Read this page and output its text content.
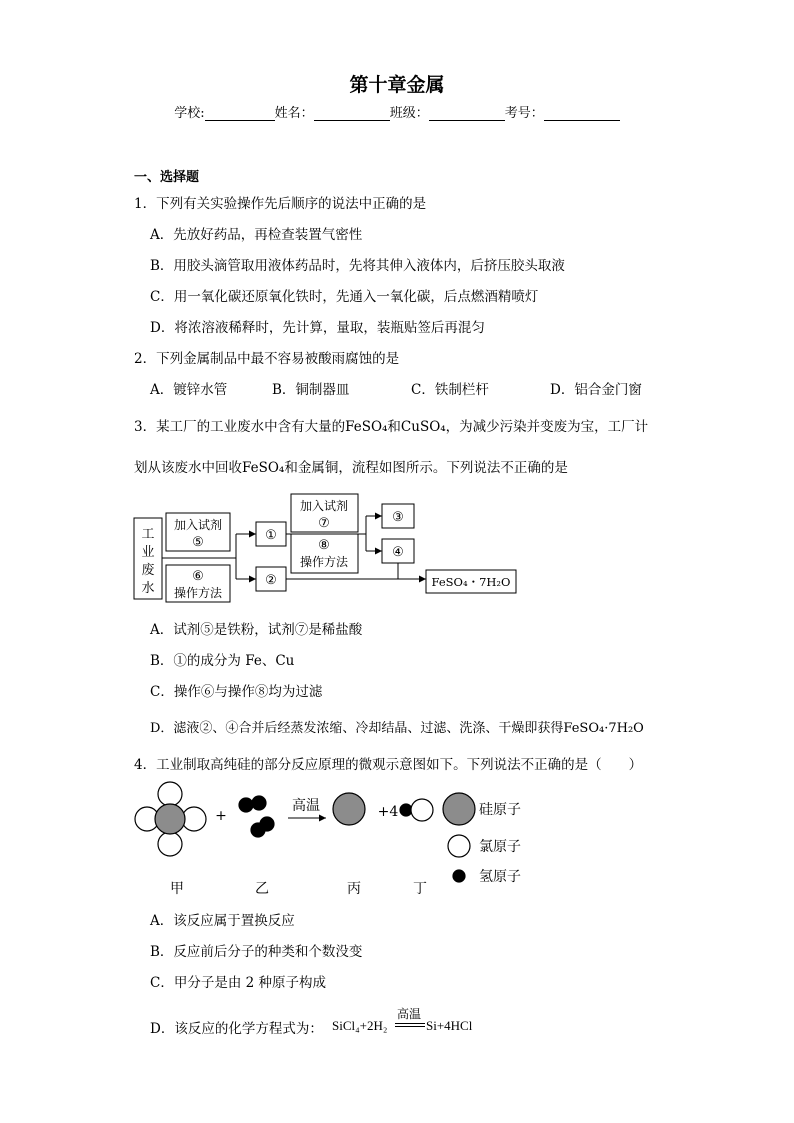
第十章金属
学校:	姓名：	班级：	考号：
一、选择题
1．下列有关实验操作先后顺序的说法中正确的是
A．先放好药品，再检查装置气密性
B．用胶头滴管取用液体药品时，先将其伸入液体内，后挤压胶头取液
C．用一氧化碳还原氧化铁时，先通入一氧化碳，后点燃酒精喷灯
D．将浓溶液稀释时，先计算，量取，装瓶贴签后再混匀
2．下列金属制品中最不容易被酸雨腐蚀的是
A．镀锌水管	B．铜制器皿	C．铁制栏杆	D．铝合金门窗
3．某工厂的工业废水中含有大量的FeSO₄和CuSO₄，为减少污染并变废为宝，工厂计
划从该废水中回收FeSO₄和金属铜，流程如图所示。下列说法不正确的是
工
业
废
水
加入试剂
⑤
⑥
操作方法
①
②
加入试剂
⑦
⑧
操作方法
③
④
FeSO₄・7H₂O
A．试剂⑤是铁粉，试剂⑦是稀盐酸
B．①的成分为 Fe、Cu
C．操作⑥与操作⑧均为过滤
D．滤液②、④合并后经蒸发浓缩、冷却结晶、过滤、洗涤、干燥即获得FeSO₄·7H₂O
4．工业制取高纯硅的部分反应原理的微观示意图如下。下列说法不正确的是（　　）
+
高温	+4	硅原子
氯原子
氢原子
甲	乙	丙	丁
A．该反应属于置换反应
B．反应前后分子的种类和个数没变
C．甲分子是由 2 种原子构成
D．该反应的化学方程式为： SiCl₄+2H₂
高温
Si+4HCl
